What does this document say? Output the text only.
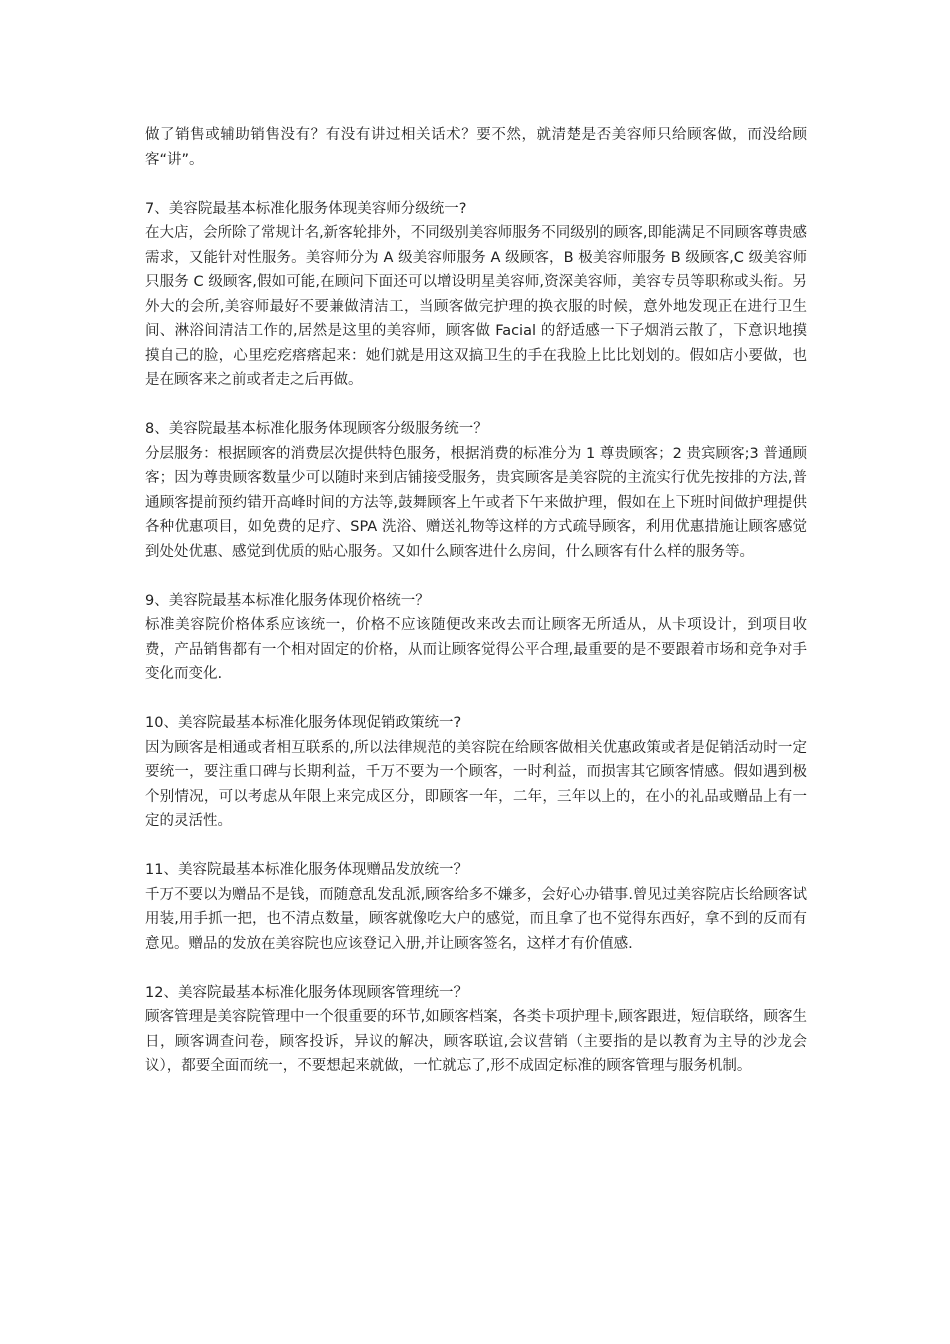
做了销售或辅助销售没有？有没有讲过相关话术？要不然，就清楚是否美容师只给顾客做，而没给顾客“讲”。

7、美容院最基本标准化服务体现美容师分级统一?

在大店，会所除了常规计名,新客轮排外，不同级别美容师服务不同级别的顾客,即能满足不同顾客尊贵感需求，又能针对性服务。美容师分为 A 级美容师服务 A 级顾客，B 极美容师服务 B 级顾客,C 级美容师只服务 C 级顾客,假如可能,在顾问下面还可以增设明星美容师,资深美容师，美容专员等职称或头衔。另外大的会所,美容师最好不要兼做清洁工，当顾客做完护理的换衣服的时候，意外地发现正在进行卫生间、淋浴间清洁工作的,居然是这里的美容师，顾客做 Facial 的舒适感一下子烟消云散了，下意识地摸摸自己的脸，心里疙疙瘩瘩起来：她们就是用这双搞卫生的手在我脸上比比划划的。假如店小要做，也是在顾客来之前或者走之后再做。

8、美容院最基本标准化服务体现顾客分级服务统一？

分层服务：根据顾客的消费层次提供特色服务，根据消费的标准分为 1 尊贵顾客；2 贵宾顾客;3 普通顾客；因为尊贵顾客数量少可以随时来到店铺接受服务，贵宾顾客是美容院的主流实行优先按排的方法,普通顾客提前预约错开高峰时间的方法等,鼓舞顾客上午或者下午来做护理，假如在上下班时间做护理提供各种优惠项目，如免费的足疗、SPA 洗浴、赠送礼物等这样的方式疏导顾客，利用优惠措施让顾客感觉到处处优惠、感觉到优质的贴心服务。又如什么顾客进什么房间，什么顾客有什么样的服务等。

9、美容院最基本标准化服务体现价格统一？

标准美容院价格体系应该统一，价格不应该随便改来改去而让顾客无所适从，从卡项设计，到项目收费，产品销售都有一个相对固定的价格，从而让顾客觉得公平合理,最重要的是不要跟着市场和竞争对手变化而变化.

10、美容院最基本标准化服务体现促销政策统一?

因为顾客是相通或者相互联系的,所以法律规范的美容院在给顾客做相关优惠政策或者是促销活动时一定要统一，要注重口碑与长期利益，千万不要为一个顾客，一时利益，而损害其它顾客情感。假如遇到极个别情况，可以考虑从年限上来完成区分，即顾客一年，二年，三年以上的，在小的礼品或赠品上有一定的灵活性。

11、美容院最基本标准化服务体现赠品发放统一？

千万不要以为赠品不是钱，而随意乱发乱派,顾客给多不嫌多，会好心办错事.曾见过美容院店长给顾客试用装,用手抓一把，也不清点数量，顾客就像吃大户的感觉，而且拿了也不觉得东西好，拿不到的反而有意见。赠品的发放在美容院也应该登记入册,并让顾客签名，这样才有价值感.

12、美容院最基本标准化服务体现顾客管理统一？

顾客管理是美容院管理中一个很重要的环节,如顾客档案，各类卡项护理卡,顾客跟进，短信联络，顾客生日，顾客调查问卷，顾客投诉，异议的解决，顾客联谊,会议营销（主要指的是以教育为主导的沙龙会议），都要全面而统一，不要想起来就做，一忙就忘了,形不成固定标准的顾客管理与服务机制。
